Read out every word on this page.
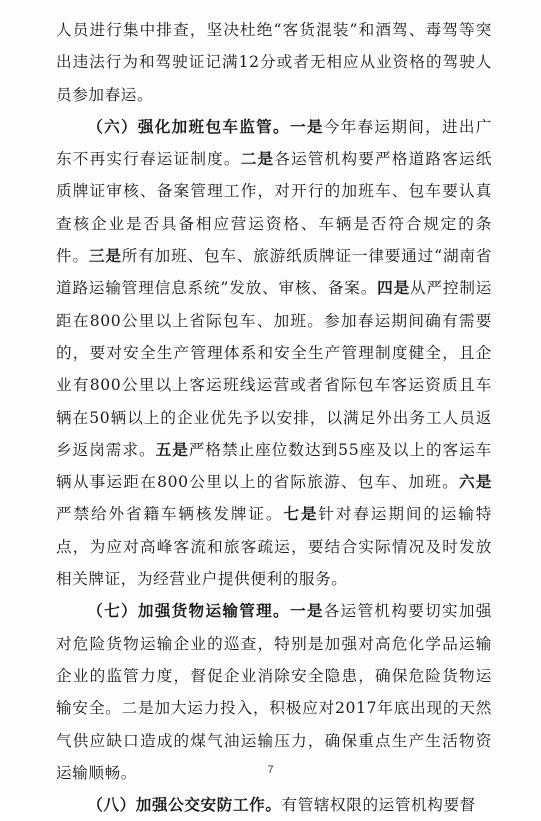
人员进行集中排查，坚决杜绝“客货混装”和酒驾、毒驾等突出违法行为和驾驶证记满12分或者无相应从业资格的驾驶人员参加春运。

（六）强化加班包车监管。一是今年春运期间，进出广东不再实行春运证制度。二是各运管机构要严格道路客运纸质牌证审核、备案管理工作，对开行的加班车、包车要认真查核企业是否具备相应营运资格、车辆是否符合规定的条件。三是所有加班、包车、旅游纸质牌证一律要通过“湖南省道路运输管理信息系统”发放、审核、备案。四是从严控制运距在800公里以上省际包车、加班。参加春运期间确有需要的，要对安全生产管理体系和安全生产管理制度健全，且企业有800公里以上客运班线运营或者省际包车客运资质且车辆在50辆以上的企业优先予以安排，以满足外出务工人员返乡返岗需求。五是严格禁止座位数达到55座及以上的客运车辆从事运距在800公里以上的省际旅游、包车、加班。六是严禁给外省籍车辆核发牌证。七是针对春运期间的运输特点，为应对高峰客流和旅客疏运，要结合实际情况及时发放相关牌证，为经营业户提供便利的服务。

（七）加强货物运输管理。一是各运管机构要切实加强对危险货物运输企业的巡查，特别是加强对高危化学品运输企业的监管力度，督促企业消除安全隐患，确保危险货物运输安全。二是加大运力投入，积极应对2017年底出现的天然气供应缺口造成的煤气油运输压力，确保重点生产生活物资运输顺畅。

（八）加强公交安防工作。有管辖权限的运管机构要督

7
